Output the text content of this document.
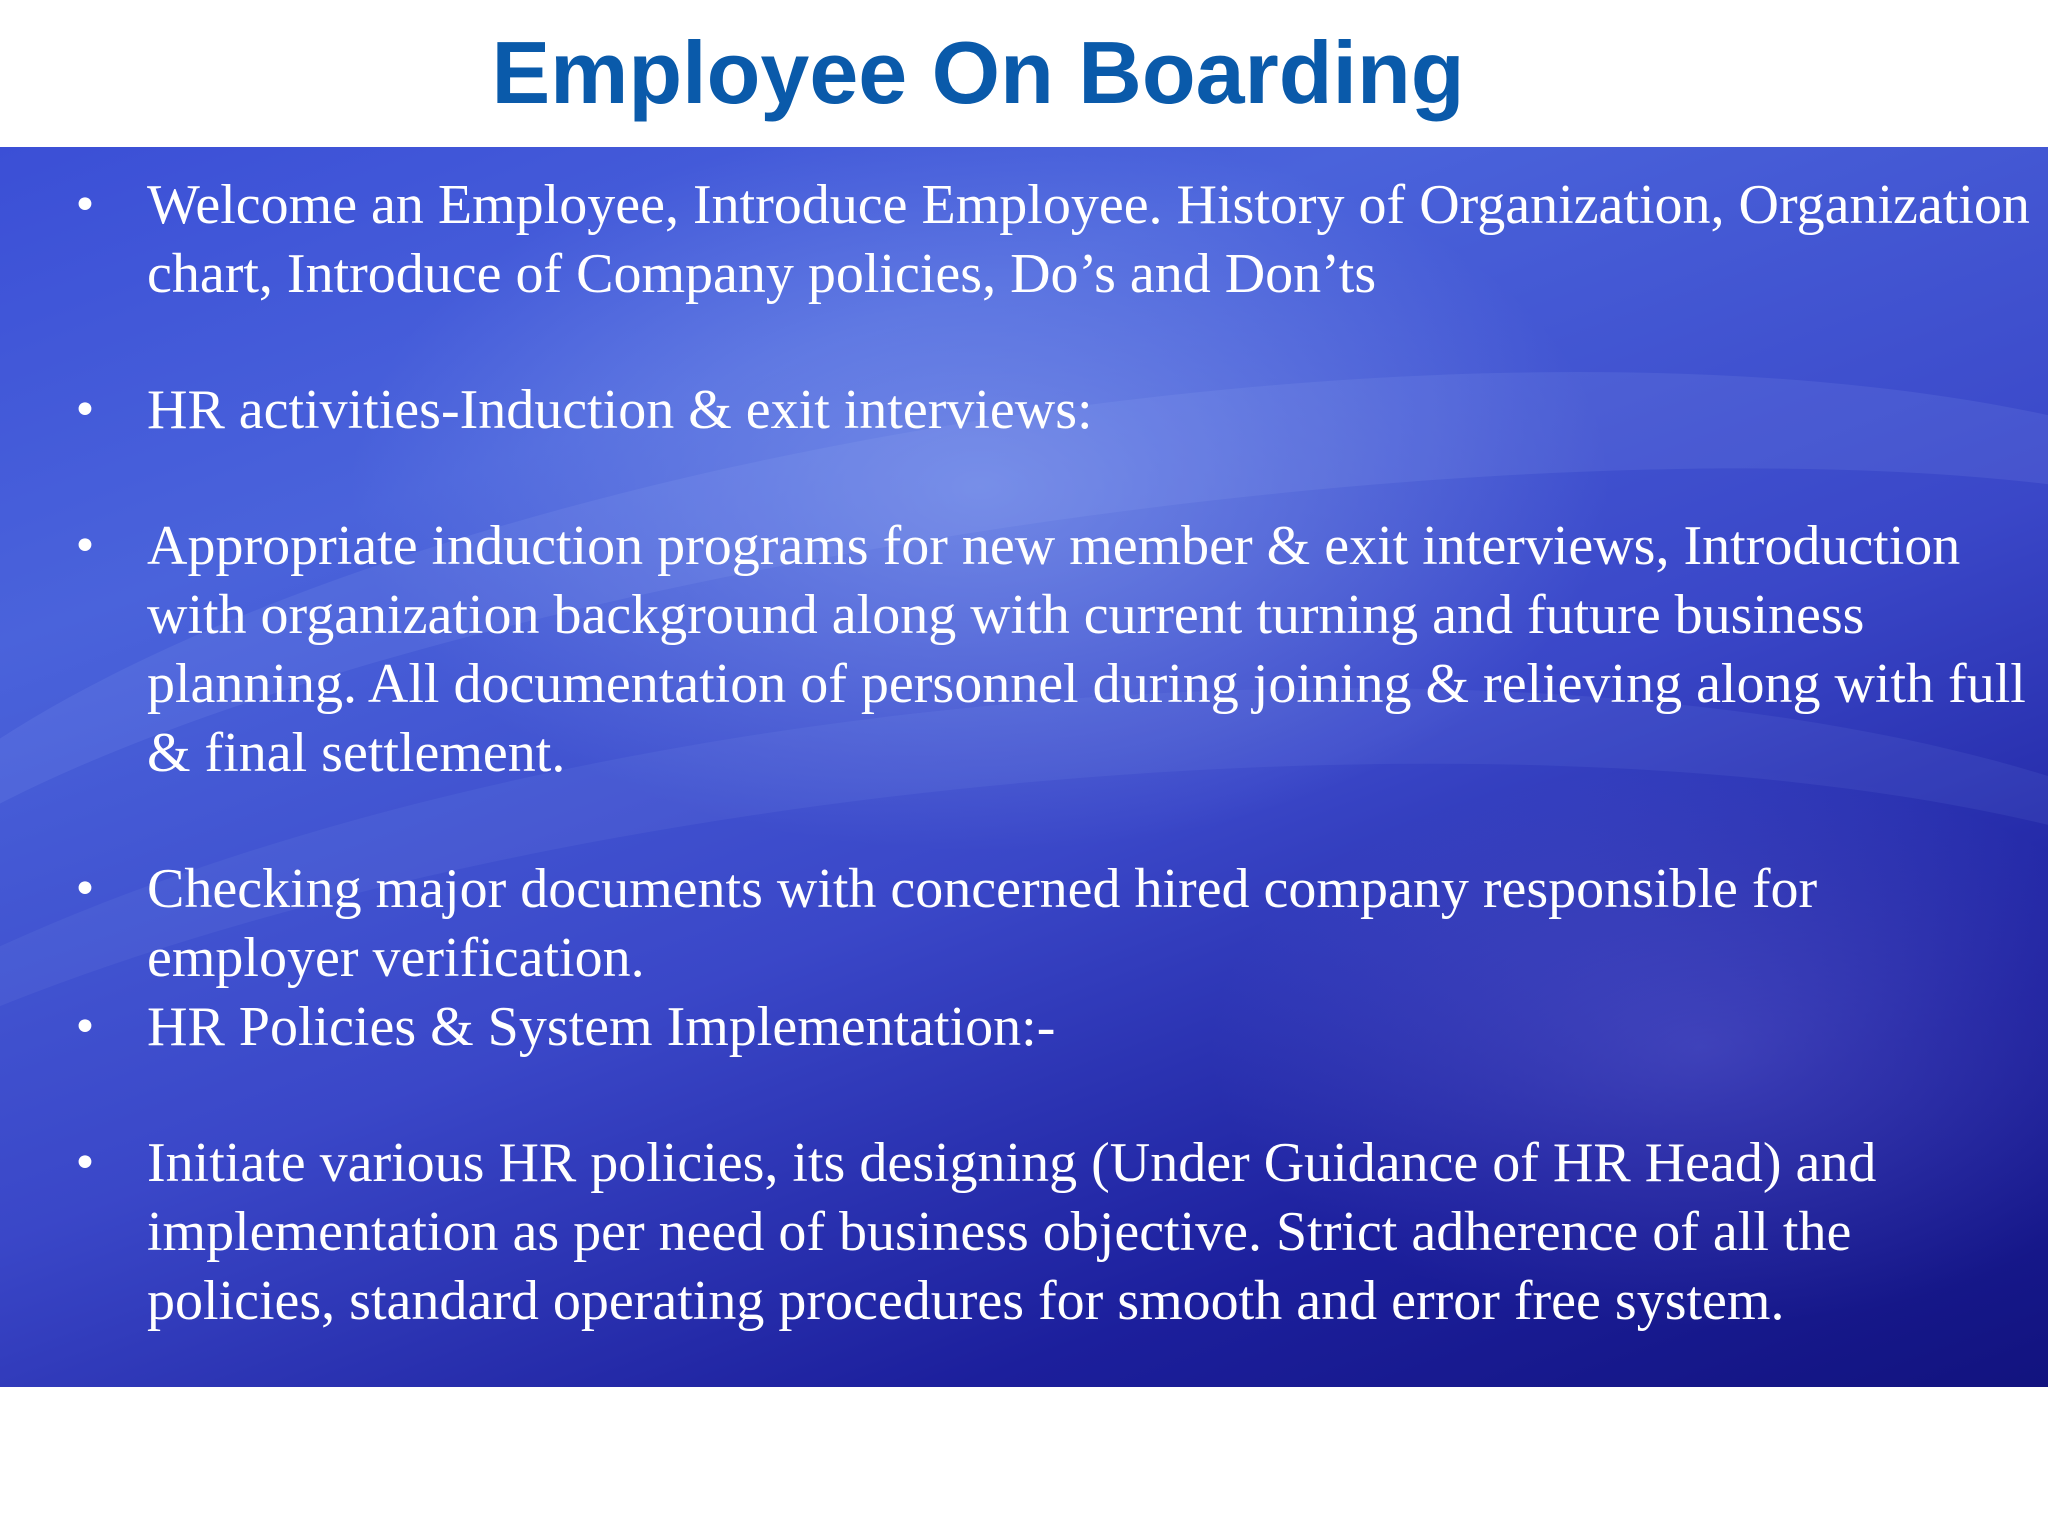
Employee On Boarding
• Welcome an Employee, Introduce Employee. History of Organization, Organization chart, Introduce of Company policies, Do’s and Don’ts
• HR activities-Induction & exit interviews:
• Appropriate induction programs for new member & exit interviews, Introduction with organization background along with current turning and future business planning. All documentation of personnel during joining & relieving along with full & final settlement.
• Checking major documents with concerned hired company responsible for employer verification.
• HR Policies & System Implementation:-
• Initiate various HR policies, its designing (Under Guidance of HR Head) and implementation as per need of business objective. Strict adherence of all the policies, standard operating procedures for smooth and error free system.
